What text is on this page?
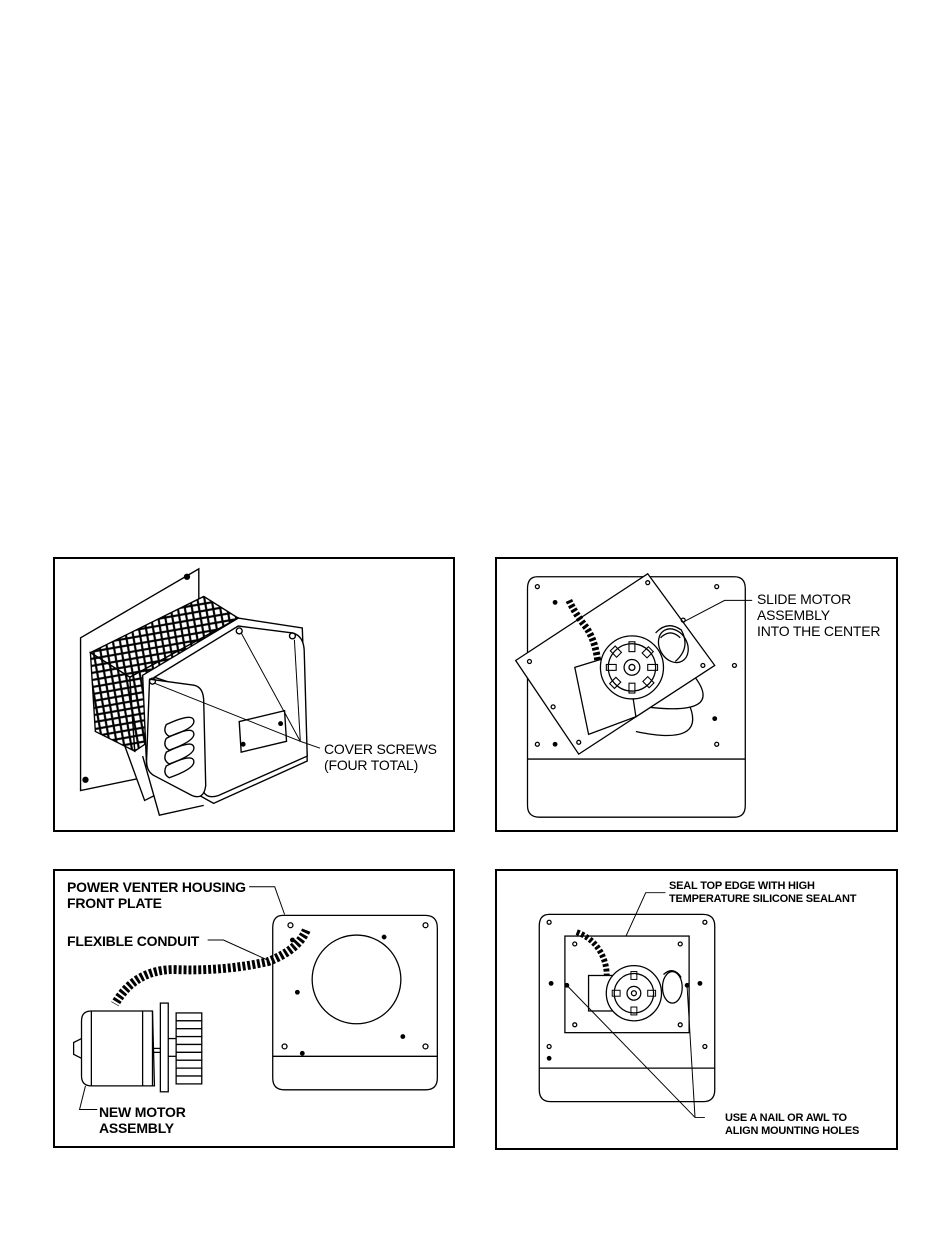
COVER SCREWS
(FOUR TOTAL)
SLIDE MOTOR
ASSEMBLY
INTO THE CENTER
POWER VENTER HOUSING
FRONT PLATE
FLEXIBLE CONDUIT
NEW MOTOR
ASSEMBLY
SEAL TOP EDGE WITH HIGH
TEMPERATURE SILICONE SEALANT
USE A NAIL OR AWL TO
ALIGN MOUNTING HOLES
